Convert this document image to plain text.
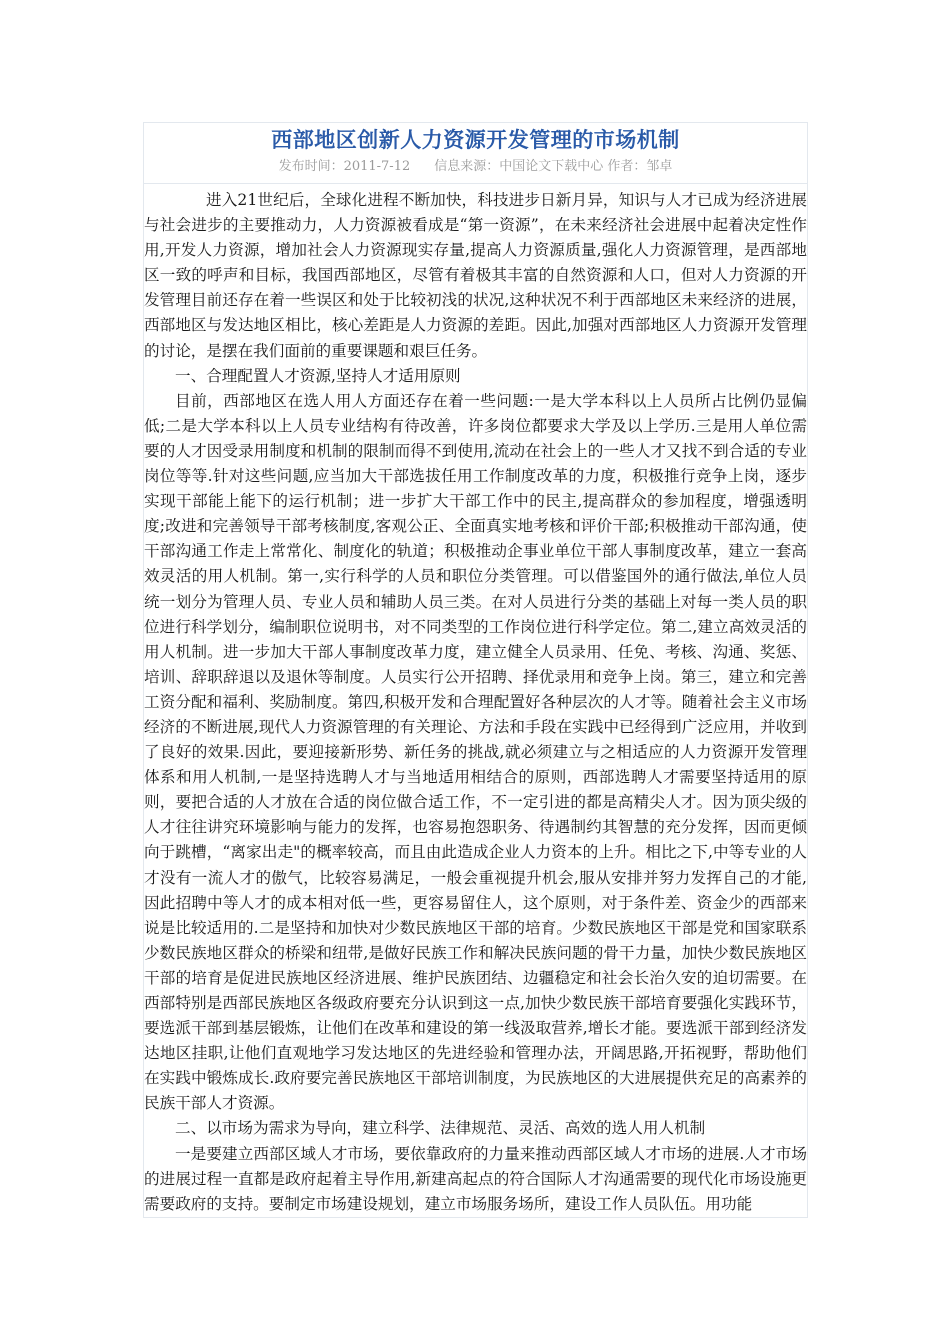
西部地区创新人力资源开发管理的市场机制
发布时间：2011-7-12 信息来源：中国论文下载中心 作者：邹卓

进入21世纪后，全球化进程不断加快，科技进步日新月异，知识与人才已成为经济进展与社会进步的主要推动力，人力资源被看成是“第一资源”，在未来经济社会进展中起着决定性作用,开发人力资源，增加社会人力资源现实存量,提高人力资源质量,强化人力资源管理，是西部地区一致的呼声和目标，我国西部地区，尽管有着极其丰富的自然资源和人口，但对人力资源的开发管理目前还存在着一些误区和处于比较初浅的状况,这种状况不利于西部地区未来经济的进展，西部地区与发达地区相比，核心差距是人力资源的差距。因此,加强对西部地区人力资源开发管理的讨论，是摆在我们面前的重要课题和艰巨任务。

一、合理配置人才资源,坚持人才适用原则

目前，西部地区在选人用人方面还存在着一些问题:一是大学本科以上人员所占比例仍显偏低;二是大学本科以上人员专业结构有待改善，许多岗位都要求大学及以上学历.三是用人单位需要的人才因受录用制度和机制的限制而得不到使用,流动在社会上的一些人才又找不到合适的专业岗位等等.针对这些问题,应当加大干部选拔任用工作制度改革的力度，积极推行竞争上岗，逐步实现干部能上能下的运行机制；进一步扩大干部工作中的民主,提高群众的参加程度，增强透明度;改进和完善领导干部考核制度,客观公正、全面真实地考核和评价干部;积极推动干部沟通，使干部沟通工作走上常常化、制度化的轨道；积极推动企事业单位干部人事制度改革，建立一套高效灵活的用人机制。第一,实行科学的人员和职位分类管理。可以借鉴国外的通行做法,单位人员统一划分为管理人员、专业人员和辅助人员三类。在对人员进行分类的基础上对每一类人员的职位进行科学划分，编制职位说明书，对不同类型的工作岗位进行科学定位。第二,建立高效灵活的用人机制。进一步加大干部人事制度改革力度，建立健全人员录用、任免、考核、沟通、奖惩、培训、辞职辞退以及退休等制度。人员实行公开招聘、择优录用和竞争上岗。第三，建立和完善工资分配和福利、奖励制度。第四,积极开发和合理配置好各种层次的人才等。随着社会主义市场经济的不断进展,现代人力资源管理的有关理论、方法和手段在实践中已经得到广泛应用，并收到了良好的效果.因此，要迎接新形势、新任务的挑战,就必须建立与之相适应的人力资源开发管理体系和用人机制,一是坚持选聘人才与当地适用相结合的原则，西部选聘人才需要坚持适用的原则，要把合适的人才放在合适的岗位做合适工作，不一定引进的都是高精尖人才。因为顶尖级的人才往往讲究环境影响与能力的发挥，也容易抱怨职务、待遇制约其智慧的充分发挥，因而更倾向于跳槽，“离家出走"的概率较高，而且由此造成企业人力资本的上升。相比之下,中等专业的人才没有一流人才的傲气，比较容易满足，一般会重视提升机会,服从安排并努力发挥自己的才能,因此招聘中等人才的成本相对低一些，更容易留住人，这个原则，对于条件差、资金少的西部来说是比较适用的.二是坚持和加快对少数民族地区干部的培育。少数民族地区干部是党和国家联系少数民族地区群众的桥梁和纽带,是做好民族工作和解决民族问题的骨干力量，加快少数民族地区干部的培育是促进民族地区经济进展、维护民族团结、边疆稳定和社会长治久安的迫切需要。在西部特别是西部民族地区各级政府要充分认识到这一点,加快少数民族干部培育要强化实践环节，要选派干部到基层锻炼，让他们在改革和建设的第一线汲取营养,增长才能。要选派干部到经济发达地区挂职,让他们直观地学习发达地区的先进经验和管理办法，开阔思路,开拓视野，帮助他们在实践中锻炼成长.政府要完善民族地区干部培训制度，为民族地区的大进展提供充足的高素养的民族干部人才资源。

二、以市场为需求为导向，建立科学、法律规范、灵活、高效的选人用人机制

一是要建立西部区域人才市场，要依靠政府的力量来推动西部区域人才市场的进展.人才市场的进展过程一直都是政府起着主导作用,新建高起点的符合国际人才沟通需要的现代化市场设施更需要政府的支持。要制定市场建设规划，建立市场服务场所，建设工作人员队伍。用功能
